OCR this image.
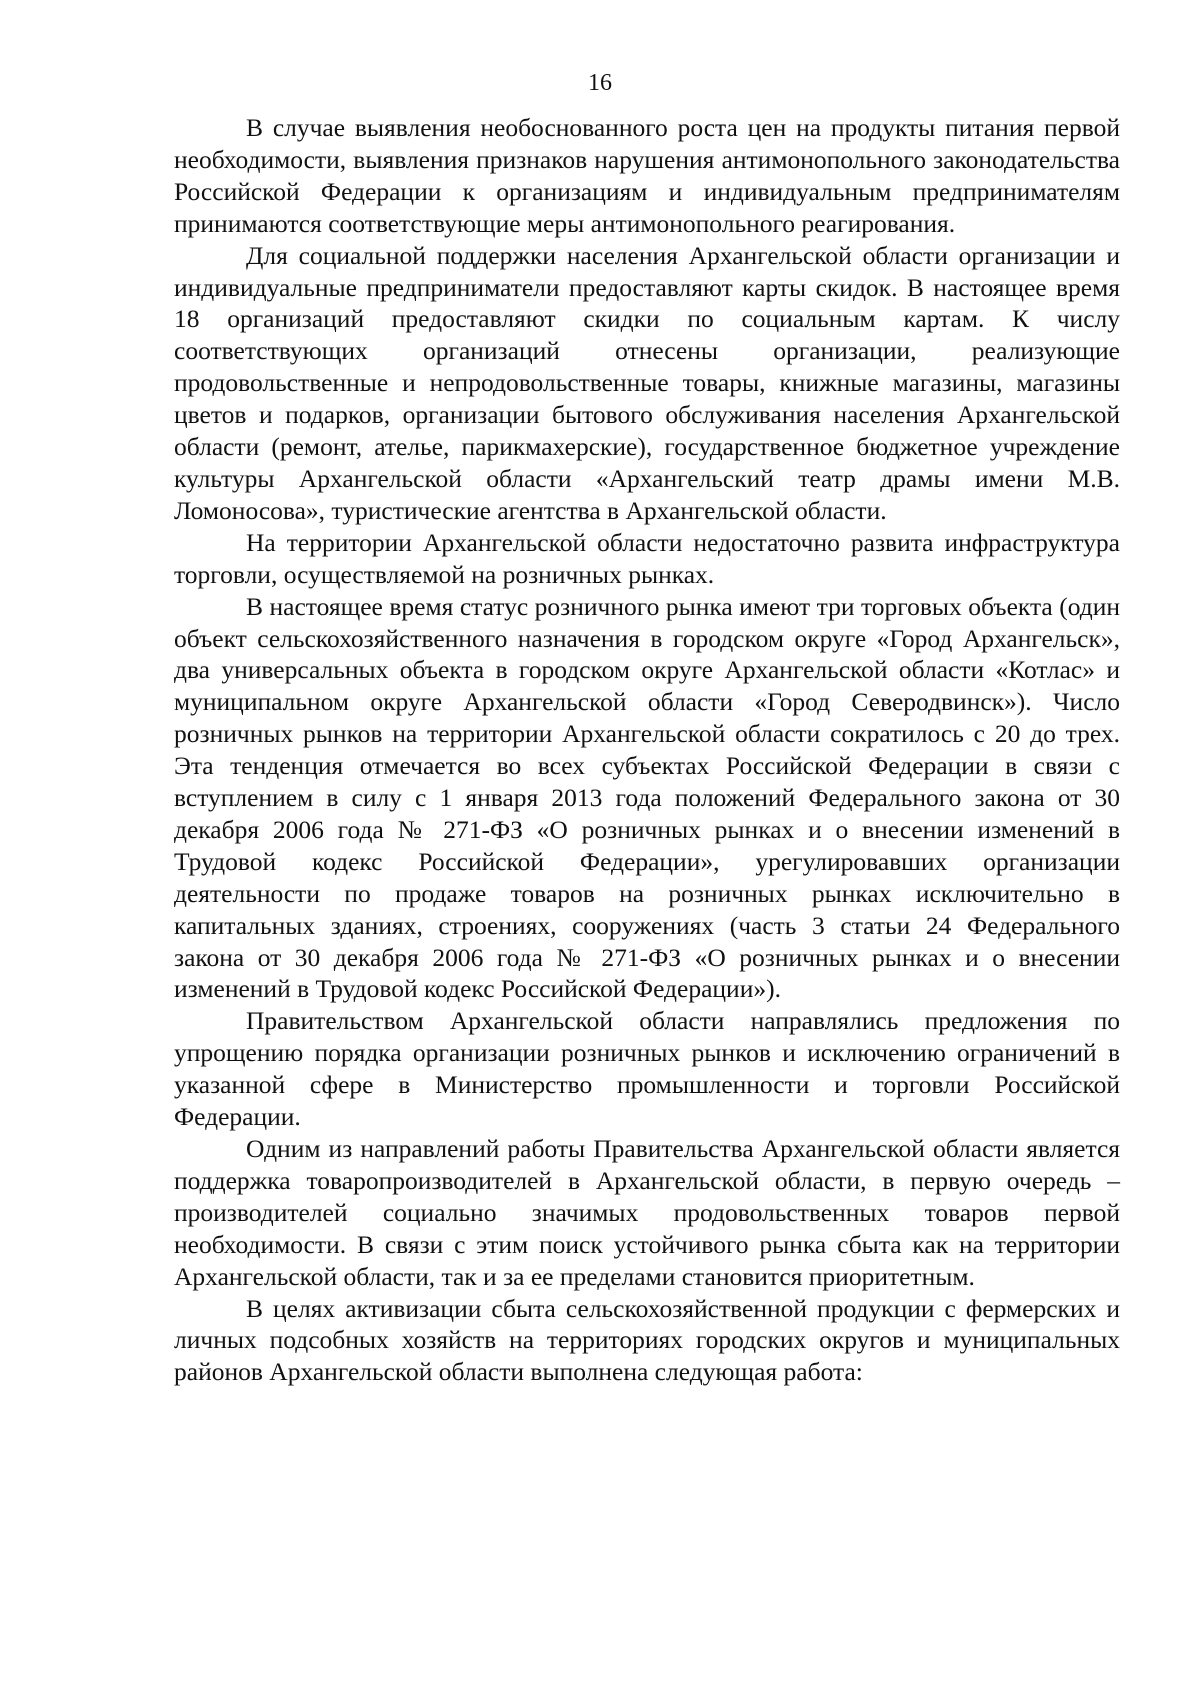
16

В случае выявления необоснованного роста цен на продукты питания первой необходимости, выявления признаков нарушения антимонопольного законодательства Российской Федерации к организациям и индивидуальным предпринимателям принимаются соответствующие меры антимонопольного реагирования.

Для социальной поддержки населения Архангельской области организации и индивидуальные предприниматели предоставляют карты скидок. В настоящее время 18 организаций предоставляют скидки по социальным картам. К числу соответствующих организаций отнесены организации, реализующие продовольственные и непродовольственные товары, книжные магазины, магазины цветов и подарков, организации бытового обслуживания населения Архангельской области (ремонт, ателье, парикмахерские), государственное бюджетное учреждение культуры Архангельской области «Архангельский театр драмы имени М.В. Ломоносова», туристические агентства в Архангельской области.

На территории Архангельской области недостаточно развита инфраструктура торговли, осуществляемой на розничных рынках.

В настоящее время статус розничного рынка имеют три торговых объекта (один объект сельскохозяйственного назначения в городском округе «Город Архангельск», два универсальных объекта в городском округе Архангельской области «Котлас» и муниципальном округе Архангельской области «Город Северодвинск»). Число розничных рынков на территории Архангельской области сократилось с 20 до трех. Эта тенденция отмечается во всех субъектах Российской Федерации в связи с вступлением в силу с 1 января 2013 года положений Федерального закона от 30 декабря 2006 года № 271-ФЗ «О розничных рынках и о внесении изменений в Трудовой кодекс Российской Федерации», урегулировавших организации деятельности по продаже товаров на розничных рынках исключительно в капитальных зданиях, строениях, сооружениях (часть 3 статьи 24 Федерального закона от 30 декабря 2006 года № 271-ФЗ «О розничных рынках и о внесении изменений в Трудовой кодекс Российской Федерации»).

Правительством Архангельской области направлялись предложения по упрощению порядка организации розничных рынков и исключению ограничений в указанной сфере в Министерство промышленности и торговли Российской Федерации.

Одним из направлений работы Правительства Архангельской области является поддержка товаропроизводителей в Архангельской области, в первую очередь – производителей социально значимых продовольственных товаров первой необходимости. В связи с этим поиск устойчивого рынка сбыта как на территории Архангельской области, так и за ее пределами становится приоритетным.

В целях активизации сбыта сельскохозяйственной продукции с фермерских и личных подсобных хозяйств на территориях городских округов и муниципальных районов Архангельской области выполнена следующая работа:
